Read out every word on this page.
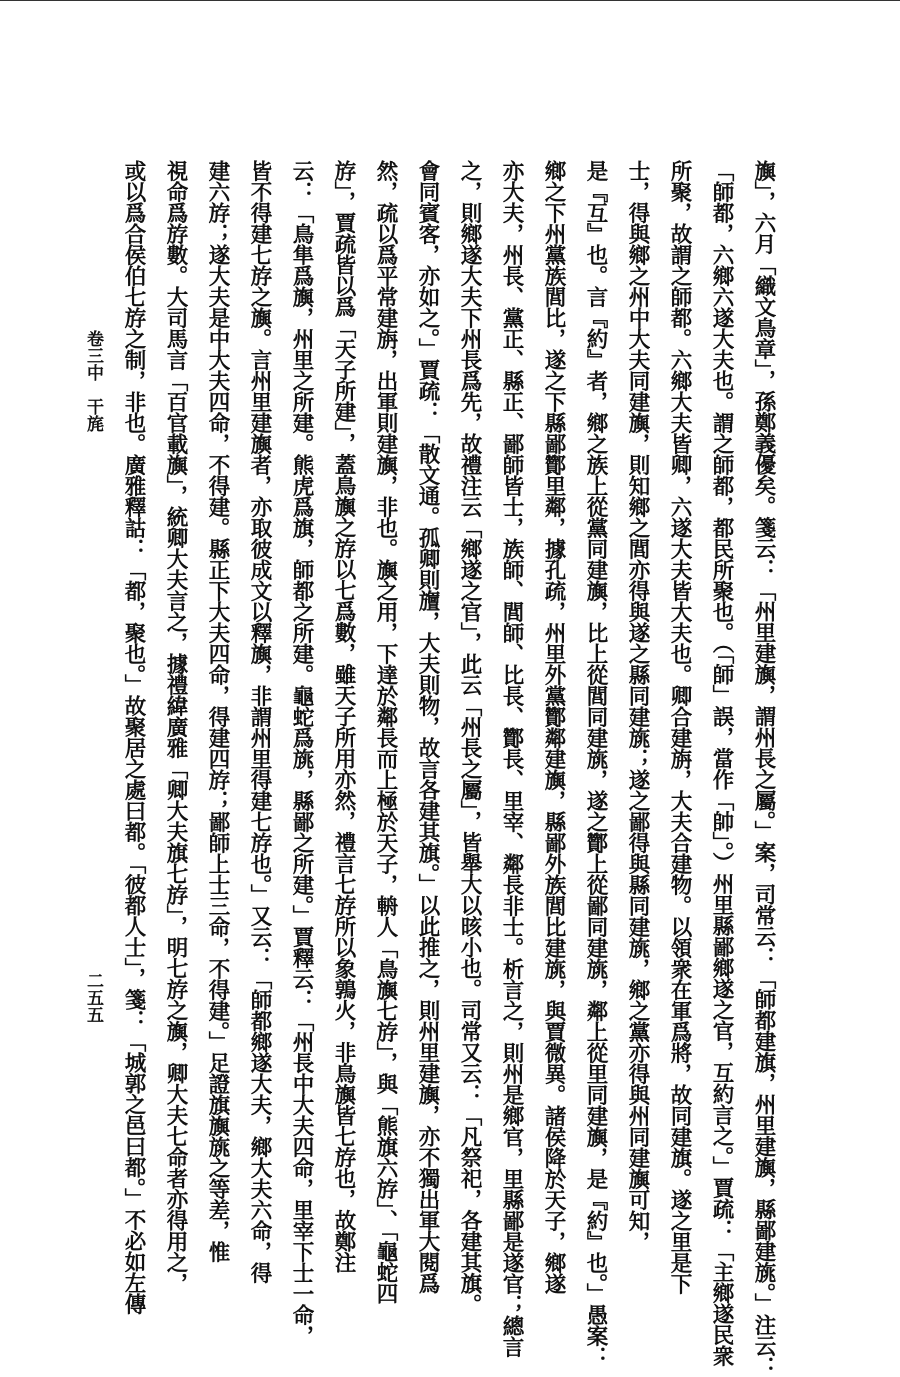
旟」，六月「織文鳥章」，孫鄭義優矣。箋云：「州里建旟，謂州長之屬。」案，司常云：「師都建旗，州里建旟，縣鄙建旐。」注云：
「師都，六鄉六遂大夫也。謂之師都，都民所聚也。（「師」誤，當作「帥」。）州里縣鄙鄉遂之官，互約言之。」賈疏：「主鄉遂民衆
所聚，故謂之師都。六鄉大夫皆卿，六遂大夫皆大夫也。卿合建旃，大夫合建物。以領衆在軍爲將，故同建旗。遂之里是下
士，得與鄉之州中大夫同建旟，則知鄉之閭亦得與遂之縣同建旐；遂之鄙得與縣同建旐，鄉之黨亦得與州同建旟可知，
是『互』也。言『約』者，鄉之族上從黨同建旟，比上從閭同建旐，遂之酇上從鄙同建旐，鄰上從里同建旟，是『約』也。」愚案：
鄉之下州黨族閭比，遂之下縣鄙酇里鄰，據孔疏，州里外黨酇鄰建旟，縣鄙外族閭比建旐，與賈微異。諸侯降於天子，鄉遂
亦大夫，州長、黨正、縣正、鄙師皆士，族師、閭師、比長、酇長、里宰、鄰長非士。析言之，則州是鄉官，里縣鄙是遂官；總言
之，則鄉遂大夫下州長爲先，故禮注云「鄉遂之官」，此云「州長之屬」，皆舉大以晐小也。司常又云：「凡祭祀，各建其旗。
會同賓客，亦如之。」賈疏：「散文通。孤卿則旜，大夫則物，故言各建其旗。」以此推之，則州里建旟，亦不獨出軍大閱爲
然，疏以爲平常建旃，出軍則建旟，非也。旟之用，下達於鄰長而上極於天子，輈人「鳥旟七斿」，與「熊旗六斿」、「龜蛇四
斿」，賈疏皆以爲「天子所建」，蓋鳥旟之斿以七爲數，雖天子所用亦然，禮言七斿所以象鶉火，非鳥旟皆七斿也，故鄭注
云：「鳥隼爲旟，州里之所建。熊虎爲旗，師都之所建。龜蛇爲旐，縣鄙之所建。」賈釋云：「州長中大夫四命，里宰下士一命，
皆不得建七斿之旟。言州里建旟者，亦取彼成文以釋旟，非謂州里得建七斿也。」又云：「師都鄉遂大夫，鄉大夫六命，得
建六斿；遂大夫是中大夫四命，不得建。縣正下大夫四命，得建四斿；鄙師上士三命，不得建。」足證旗旟旐之等差，惟
視命爲斿數。大司馬言「百官載旟」，統卿大夫言之，據禮緯廣雅「卿大夫旗七斿」，明七斿之旟，卿大夫七命者亦得用之，
或以爲合侯伯七斿之制，非也。廣雅釋詁：「都，聚也。」故聚居之處曰都。「彼都人士」，箋：「城郭之邑曰都。」不必如左傳
卷三中　干旄
二五五
